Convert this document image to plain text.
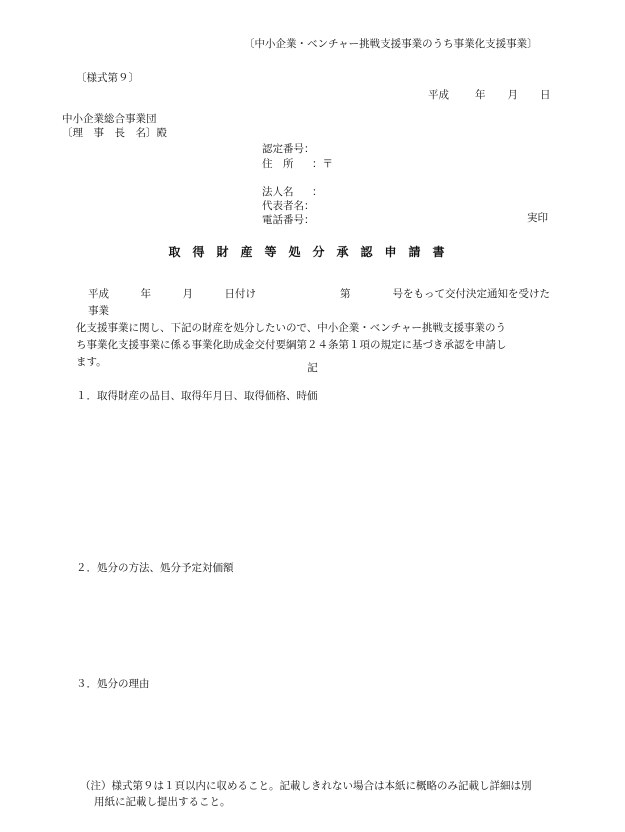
〔中小企業・ベンチャー挑戦支援事業のうち事業化支援事業〕
〔様式第９〕
平成 年 月 日
中小企業総合事業団
〔理　事　長　名〕殿
認定番号：
住　所 ：〒
法人名 ：
代表者名：
電話番号：	実印
取得財産等処分承認申請書
平成　　　年　　　月　　　日付け　　　　　　　　第　　　　号をもって交付決定通知を受けた事業
化支援事業に関し、下記の財産を処分したいので、中小企業・ベンチャー挑戦支援事業のう
ち事業化支援事業に係る事業化助成金交付要綱第２４条第１項の規定に基づき承認を申請し
ます。	記
１．取得財産の品目、取得年月日、取得価格、時価
２．処分の方法、処分予定対価額
３．処分の理由
（注）様式第９は１頁以内に収めること。記載しきれない場合は本紙に概略のみ記載し詳細は別
用紙に記載し提出すること。
